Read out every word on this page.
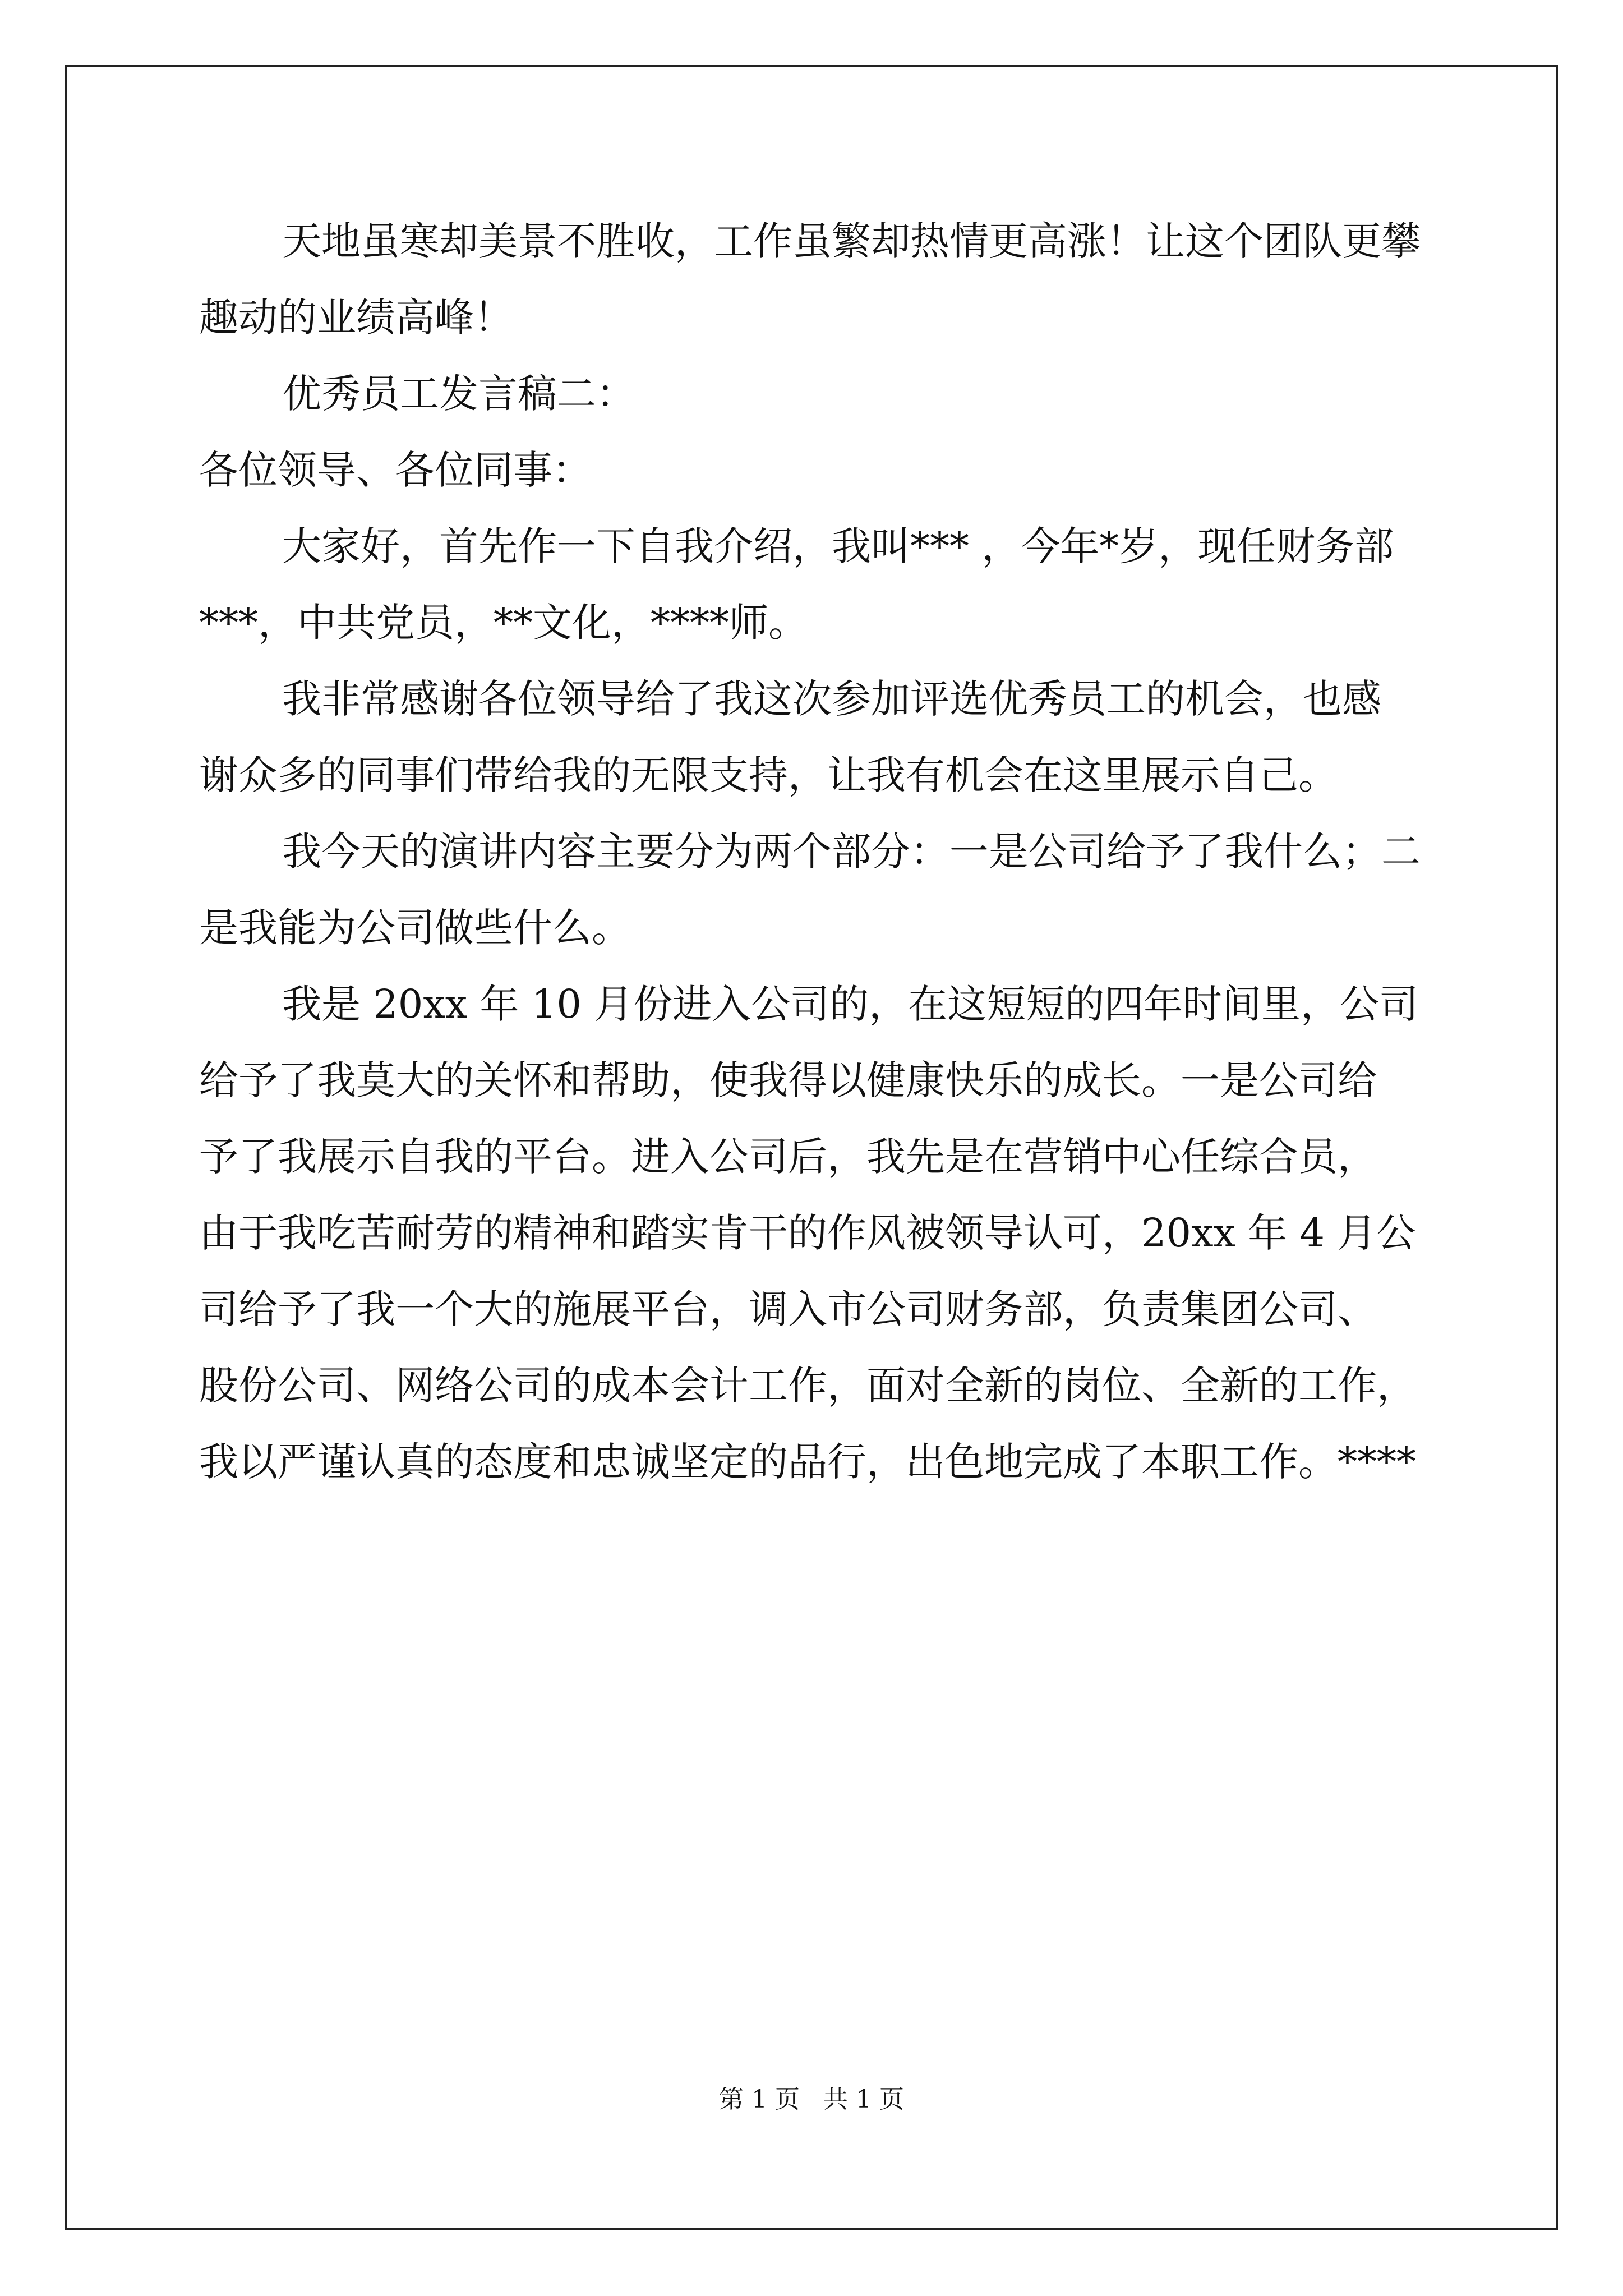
天地虽寒却美景不胜收，工作虽繁却热情更高涨！让这个团队更攀
趣动的业绩高峰！
优秀员工发言稿二：
各位领导、各位同事：
大家好，首先作一下自我介绍，我叫*** ，今年*岁，现任财务部
***，中共党员，**文化，****师。
我非常感谢各位领导给了我这次参加评选优秀员工的机会，也感
谢众多的同事们带给我的无限支持，让我有机会在这里展示自己。
我今天的演讲内容主要分为两个部分：一是公司给予了我什么；二
是我能为公司做些什么。
我是 20xx 年 10 月份进入公司的，在这短短的四年时间里，公司
给予了我莫大的关怀和帮助，使我得以健康快乐的成长。一是公司给
予了我展示自我的平台。进入公司后，我先是在营销中心任综合员，
由于我吃苦耐劳的精神和踏实肯干的作风被领导认可，20xx 年 4 月公
司给予了我一个大的施展平台，调入市公司财务部，负责集团公司、
股份公司、网络公司的成本会计工作，面对全新的岗位、全新的工作，
我以严谨认真的态度和忠诚坚定的品行，出色地完成了本职工作。****
第 1 页   共 1 页
